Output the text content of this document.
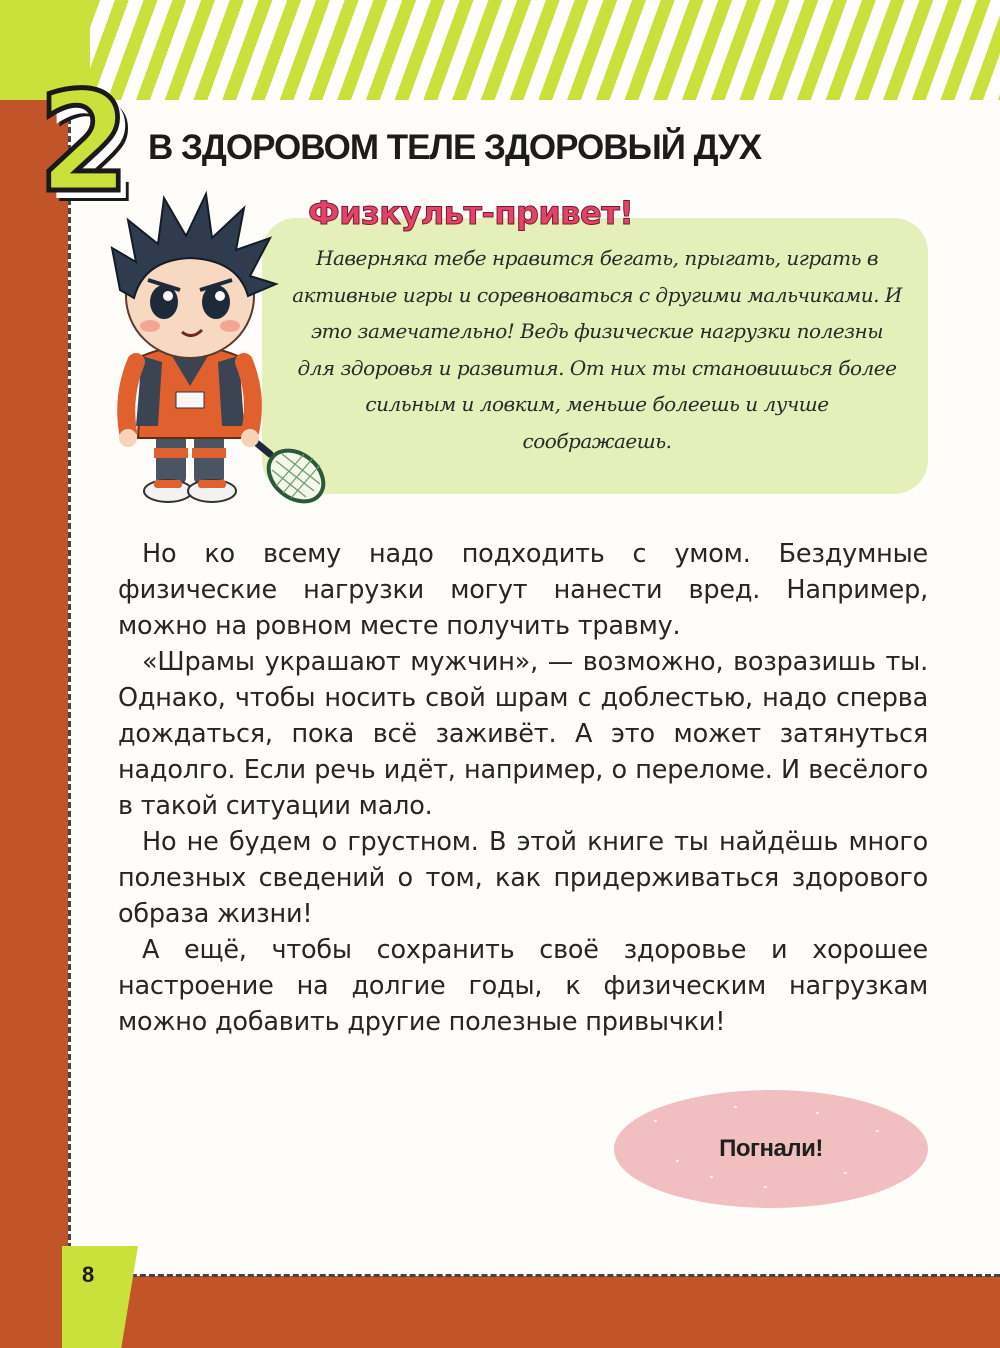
2 В ЗДОРОВОМ ТЕЛЕ ЗДОРОВЫЙ ДУХ
Физкульт-привет!

Наверняка тебе нравится бегать, прыгать, играть в активные игры и соревноваться с другими мальчиками. И это замечательно! Ведь физические нагрузки полезны для здоровья и развития. От них ты становишься более сильным и ловким, меньше болеешь и лучше соображаешь.

Но ко всему надо подходить с умом. Бездумные физические нагрузки могут нанести вред. Например, можно на ровном месте получить травму.

«Шрамы украшают мужчин», — возможно, возразишь ты. Однако, чтобы носить свой шрам с доблестью, надо сперва дождаться, пока всё заживёт. А это может затянуться надолго. Если речь идёт, например, о переломе. И весёлого в такой ситуации мало.

Но не будем о грустном. В этой книге ты найдёшь много полезных сведений о том, как придерживаться здорового образа жизни!

А ещё, чтобы сохранить своё здоровье и хорошее настроение на долгие годы, к физическим нагрузкам можно добавить другие полезные привычки!

Погнали!
8
